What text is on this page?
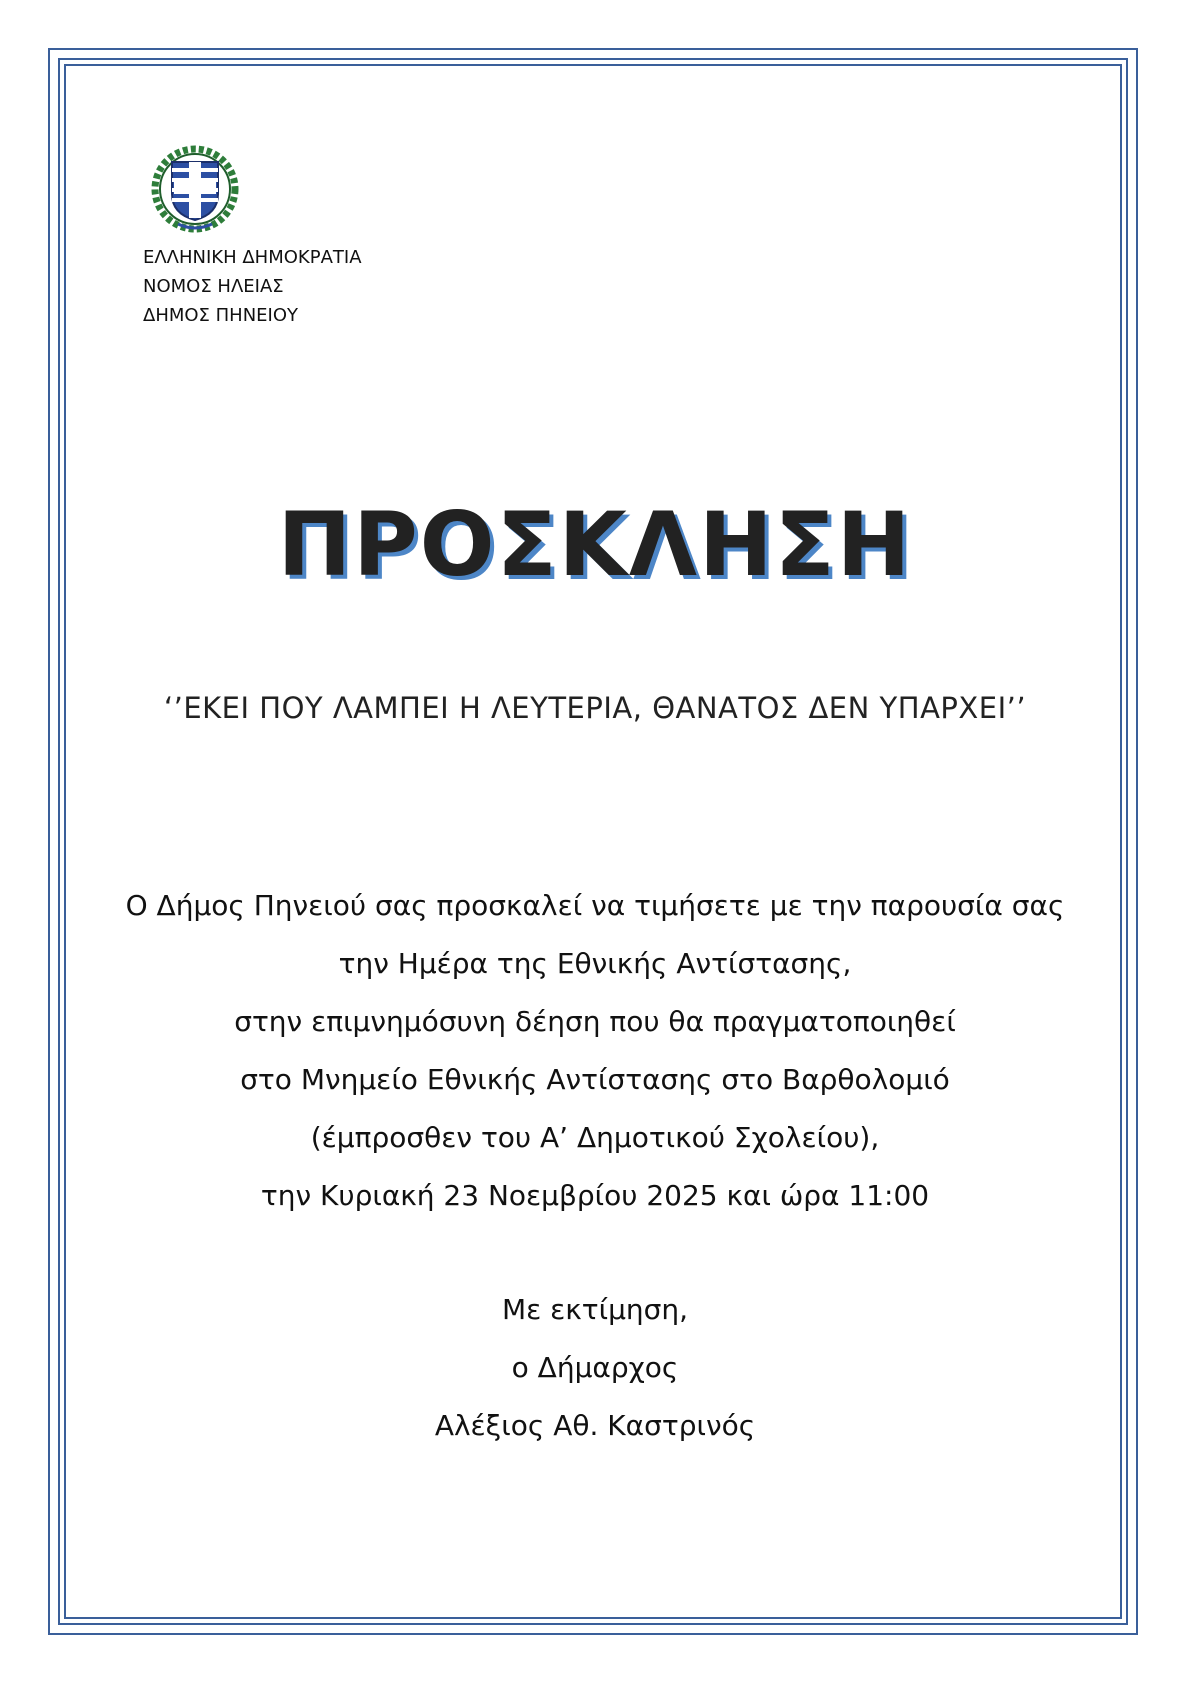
ΕΛΛΗΝΙΚΗ ΔΗΜΟΚΡΑΤΙΑ
ΝΟΜΟΣ ΗΛΕΙΑΣ
ΔΗΜΟΣ ΠΗΝΕΙΟΥ
ΠΡΟΣΚΛΗΣΗ
‘’ΕΚΕΙ ΠΟΥ ΛΑΜΠΕΙ Η ΛΕΥΤΕΡΙΑ, ΘΑΝΑΤΟΣ ΔΕΝ ΥΠΑΡΧΕΙ’’
Ο Δήμος Πηνειού σας προσκαλεί να τιμήσετε με την παρουσία σας
την Ημέρα της Εθνικής Αντίστασης,
στην επιμνημόσυνη δέηση που θα πραγματοποιηθεί
στο Μνημείο Εθνικής Αντίστασης στο Βαρθολομιό
(έμπροσθεν του Α’ Δημοτικού Σχολείου),
την Κυριακή 23 Νοεμβρίου 2025 και ώρα 11:00
Με εκτίμηση,
ο Δήμαρχος
Αλέξιος Αθ. Καστρινός
